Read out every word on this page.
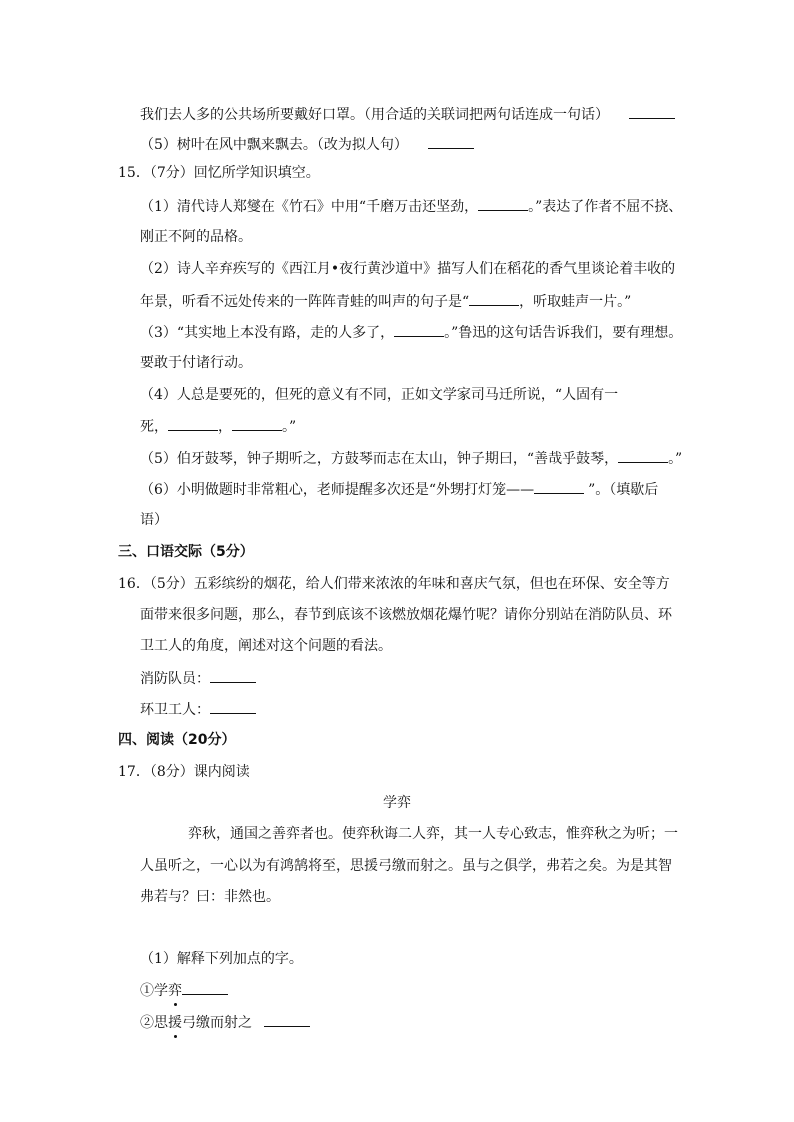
我们去人多的公共场所要戴好口罩。（用合适的关联词把两句话连成一句话）
（5）树叶在风中飘来飘去。（改为拟人句）
15．（7分）回忆所学知识填空。
（1）清代诗人郑燮在《竹石》中用“千磨万击还坚劲，	。”表达了作者不屈不挠、
刚正不阿的品格。
（2）诗人辛弃疾写的《西江月•夜行黄沙道中》描写人们在稻花的香气里谈论着丰收的
年景，听看不远处传来的一阵阵青蛙的叫声的句子是“	，听取蛙声一片。”
（3）“其实地上本没有路，走的人多了，	。”鲁迅的这句话告诉我们，要有理想。
要敢于付诸行动。
（4）人总是要死的，但死的意义有不同，正如文学家司马迁所说，“人固有一
死，	，	。”
（5）伯牙鼓琴，钟子期听之，方鼓琴而志在太山，钟子期曰，“善哉乎鼓琴，	。”
（6）小明做题时非常粗心，老师提醒多次还是“外甥打灯笼——	”。（填歇后
语）
三、口语交际（5分）
16．（5分）五彩缤纷的烟花，给人们带来浓浓的年味和喜庆气氛，但也在环保、安全等方
面带来很多问题，那么，春节到底该不该燃放烟花爆竹呢？请你分别站在消防队员、环
卫工人的角度，阐述对这个问题的看法。
消防队员：
环卫工人：
四、阅读（20分）
17．（8分）课内阅读
学弈
弈秋，通国之善弈者也。使弈秋诲二人弈，其一人专心致志，惟弈秋之为听；一
人虽听之，一心以为有鸿鹄将至，思援弓缴而射之。虽与之俱学，弗若之矣。为是其智
弗若与？曰：非然也。
（1）解释下列加点的字。
①学弈
②思援弓缴而射之
